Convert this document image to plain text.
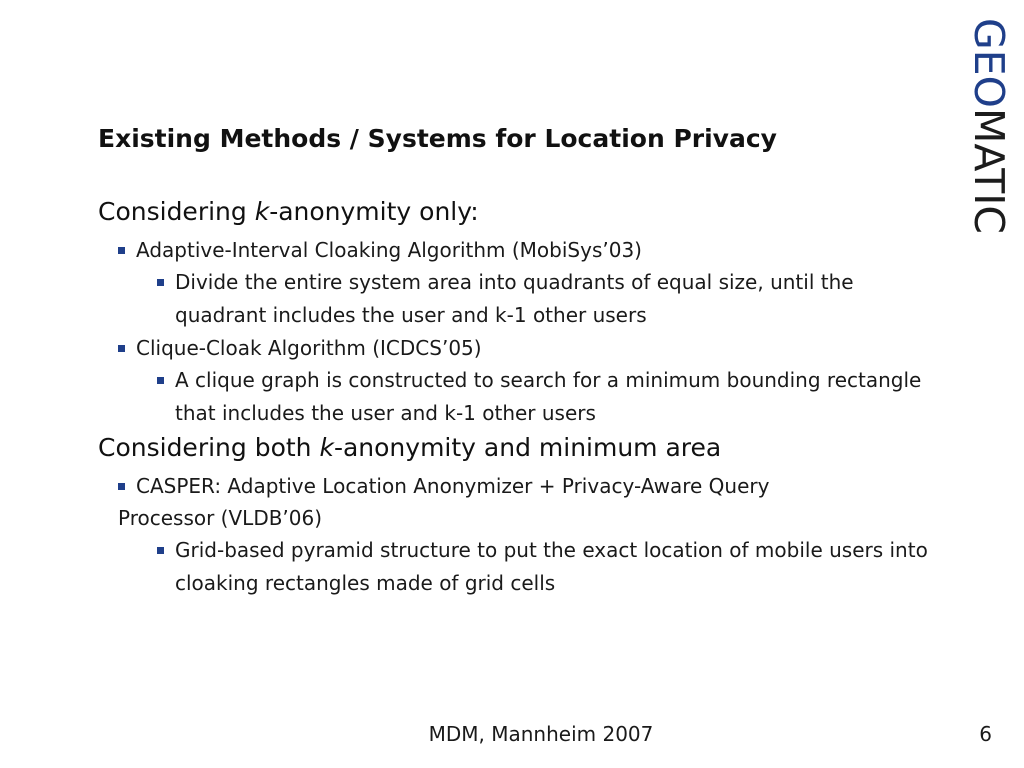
GEOMATIC
Existing Methods / Systems for Location Privacy
Considering k-anonymity only:
Adaptive-Interval Cloaking Algorithm (MobiSys’03)
Divide the entire system area into quadrants of equal size, until the quadrant includes the user and k-1 other users
Clique-Cloak Algorithm (ICDCS’05)
A clique graph is constructed to search for a minimum bounding rectangle that includes the user and k-1 other users
Considering both k-anonymity and minimum area
CASPER: Adaptive Location Anonymizer + Privacy-Aware Query
Processor (VLDB’06)
Grid-based pyramid structure to put the exact location of mobile users into cloaking rectangles made of grid cells
MDM, Mannheim 2007	6
